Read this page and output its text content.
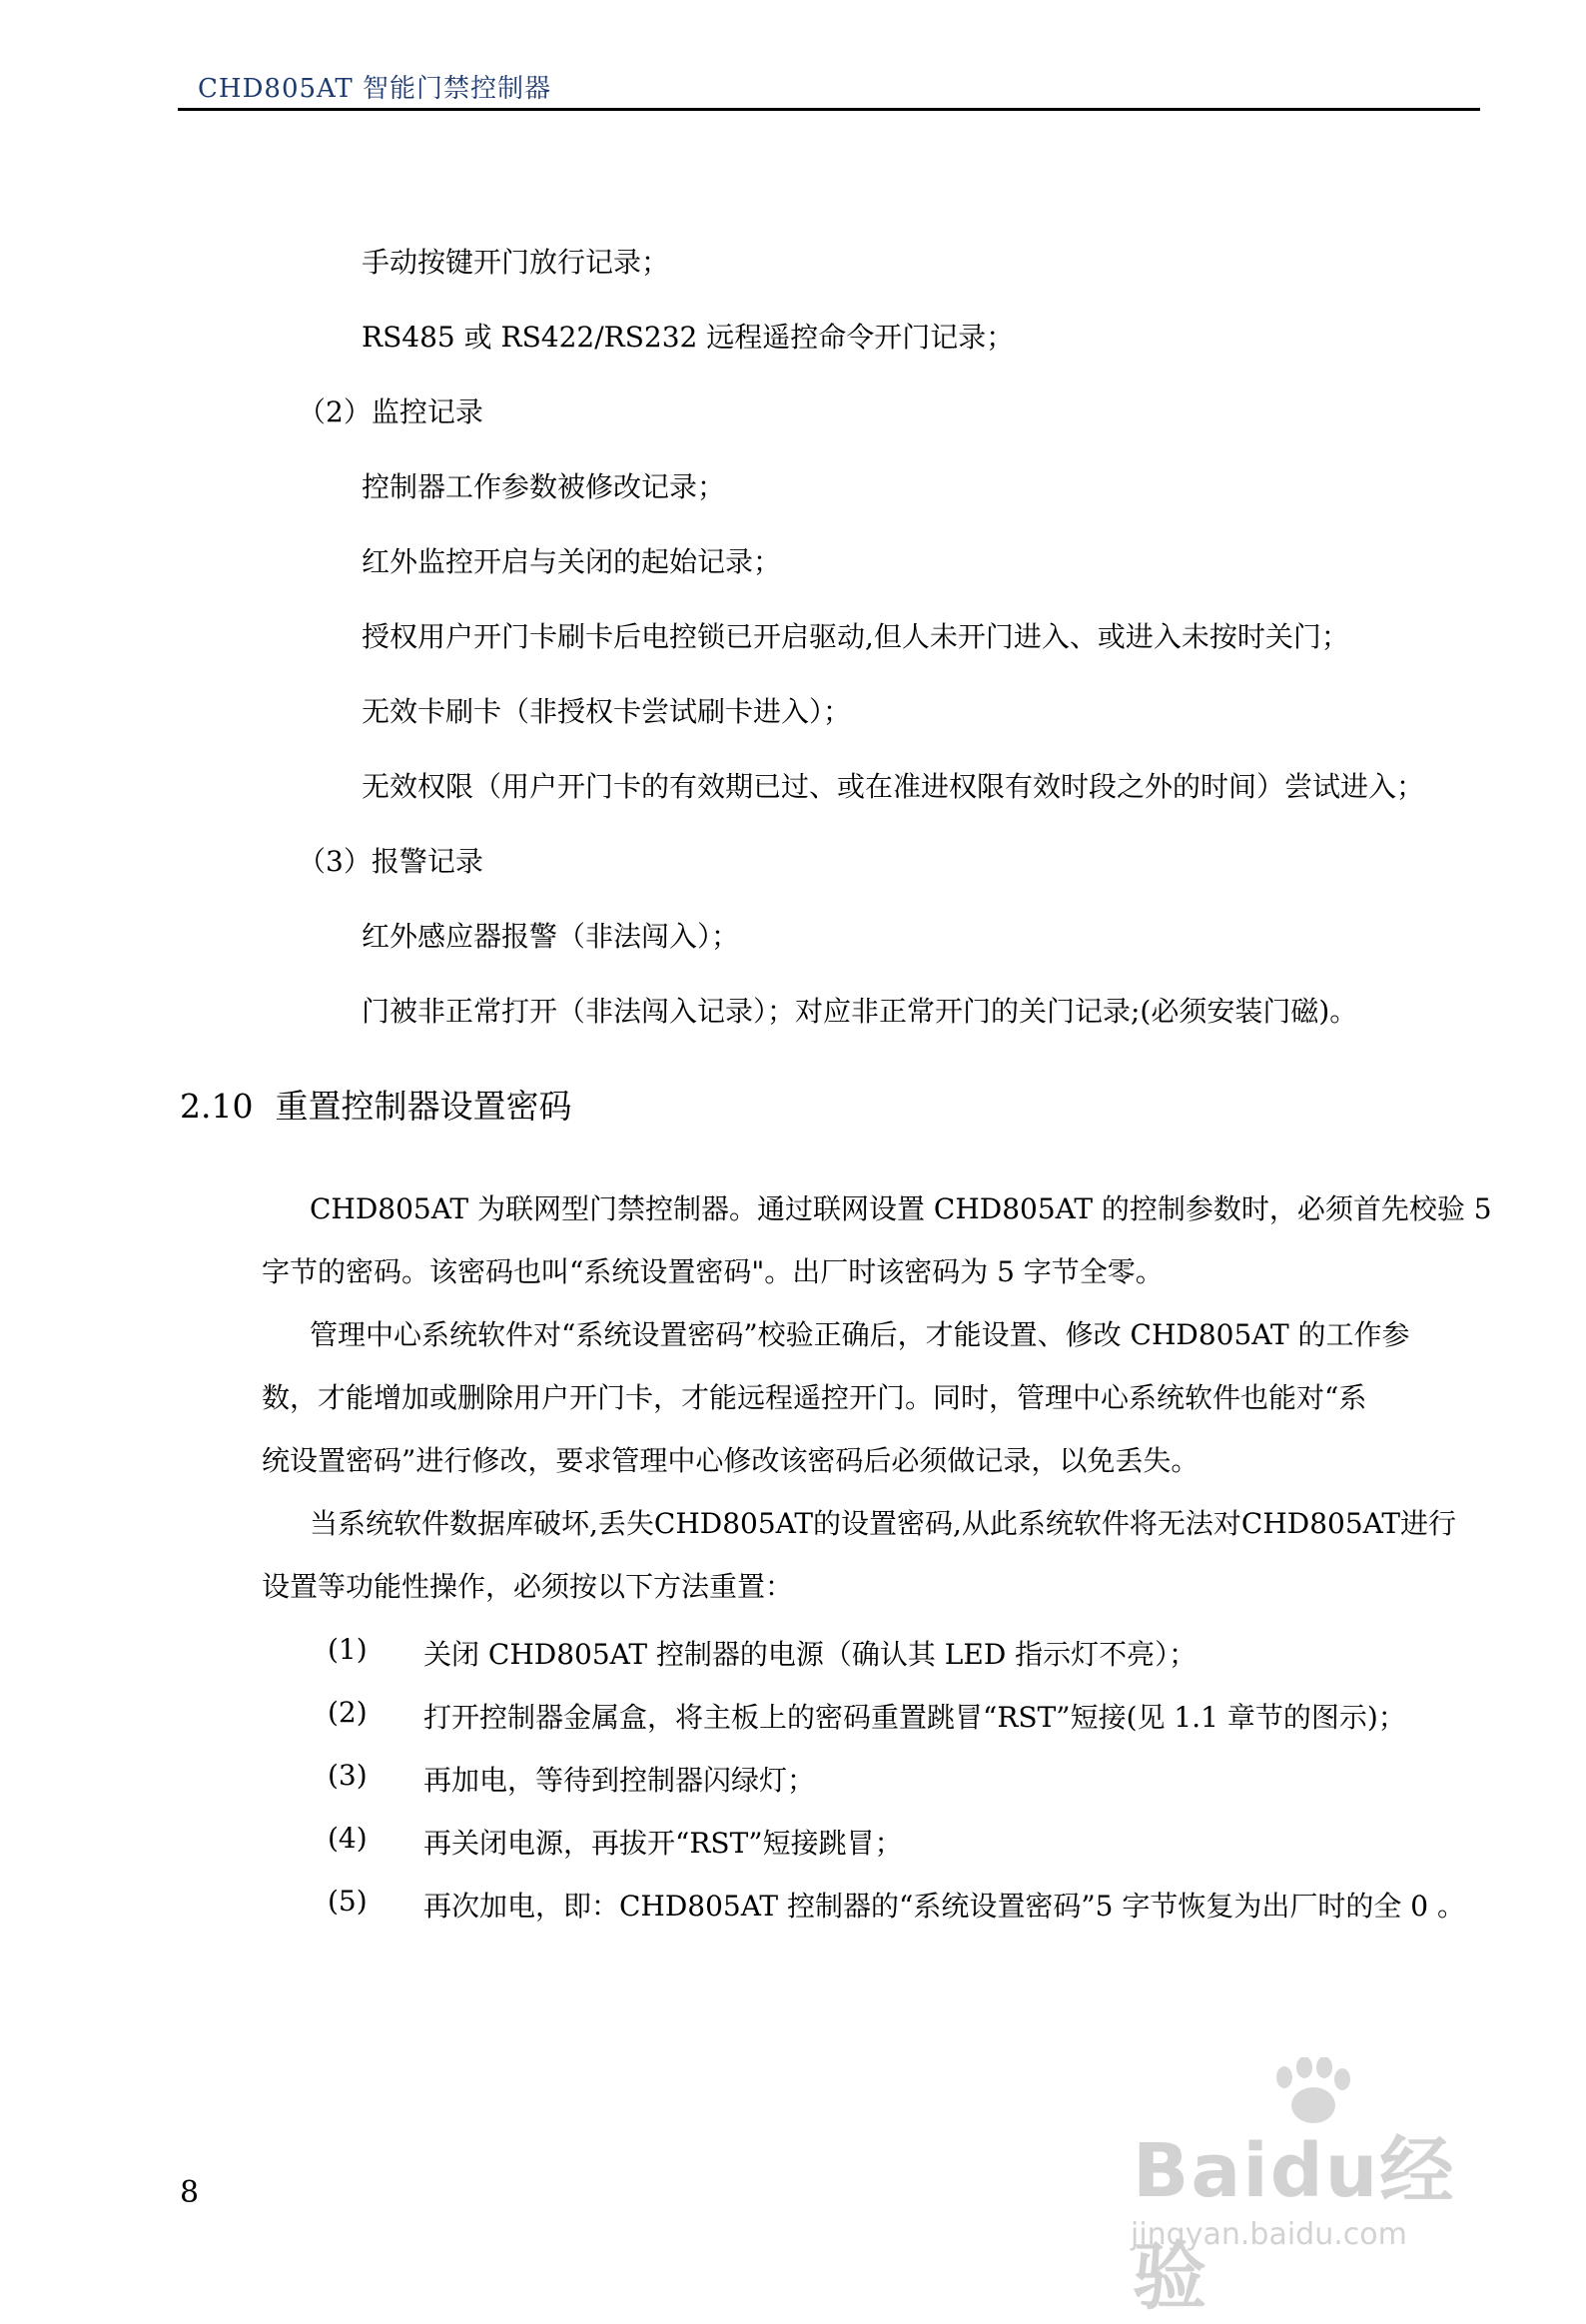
CHD805AT 智能门禁控制器
手动按键开门放行记录；
RS485 或 RS422/RS232 远程遥控命令开门记录；
（2）监控记录
控制器工作参数被修改记录；
红外监控开启与关闭的起始记录；
授权用户开门卡刷卡后电控锁已开启驱动,但人未开门进入、或进入未按时关门；
无效卡刷卡（非授权卡尝试刷卡进入）；
无效权限（用户开门卡的有效期已过、或在准进权限有效时段之外的时间）尝试进入；
（3）报警记录
红外感应器报警（非法闯入）；
门被非正常打开（非法闯入记录）；对应非正常开门的关门记录;(必须安装门磁)。
2.10 重置控制器设置密码
CHD805AT 为联网型门禁控制器。通过联网设置 CHD805AT 的控制参数时，必须首先校验 5
字节的密码。该密码也叫“系统设置密码"。出厂时该密码为 5 字节全零。
管理中心系统软件对“系统设置密码”校验正确后，才能设置、修改 CHD805AT 的工作参
数，才能增加或删除用户开门卡，才能远程遥控开门。同时，管理中心系统软件也能对“系
统设置密码”进行修改，要求管理中心修改该密码后必须做记录，以免丢失。
当系统软件数据库破坏,丢失CHD805AT的设置密码,从此系统软件将无法对CHD805AT进行
设置等功能性操作，必须按以下方法重置：
(1) 关闭 CHD805AT 控制器的电源（确认其 LED 指示灯不亮）；
(2) 打开控制器金属盒，将主板上的密码重置跳冒“RST”短接(见 1.1 章节的图示)；
(3) 再加电，等待到控制器闪绿灯；
(4) 再关闭电源，再拔开“RST”短接跳冒；
(5) 再次加电，即：CHD805AT 控制器的“系统设置密码”5 字节恢复为出厂时的全 0 。
8	Baidu经验
jingyan.baidu.com
